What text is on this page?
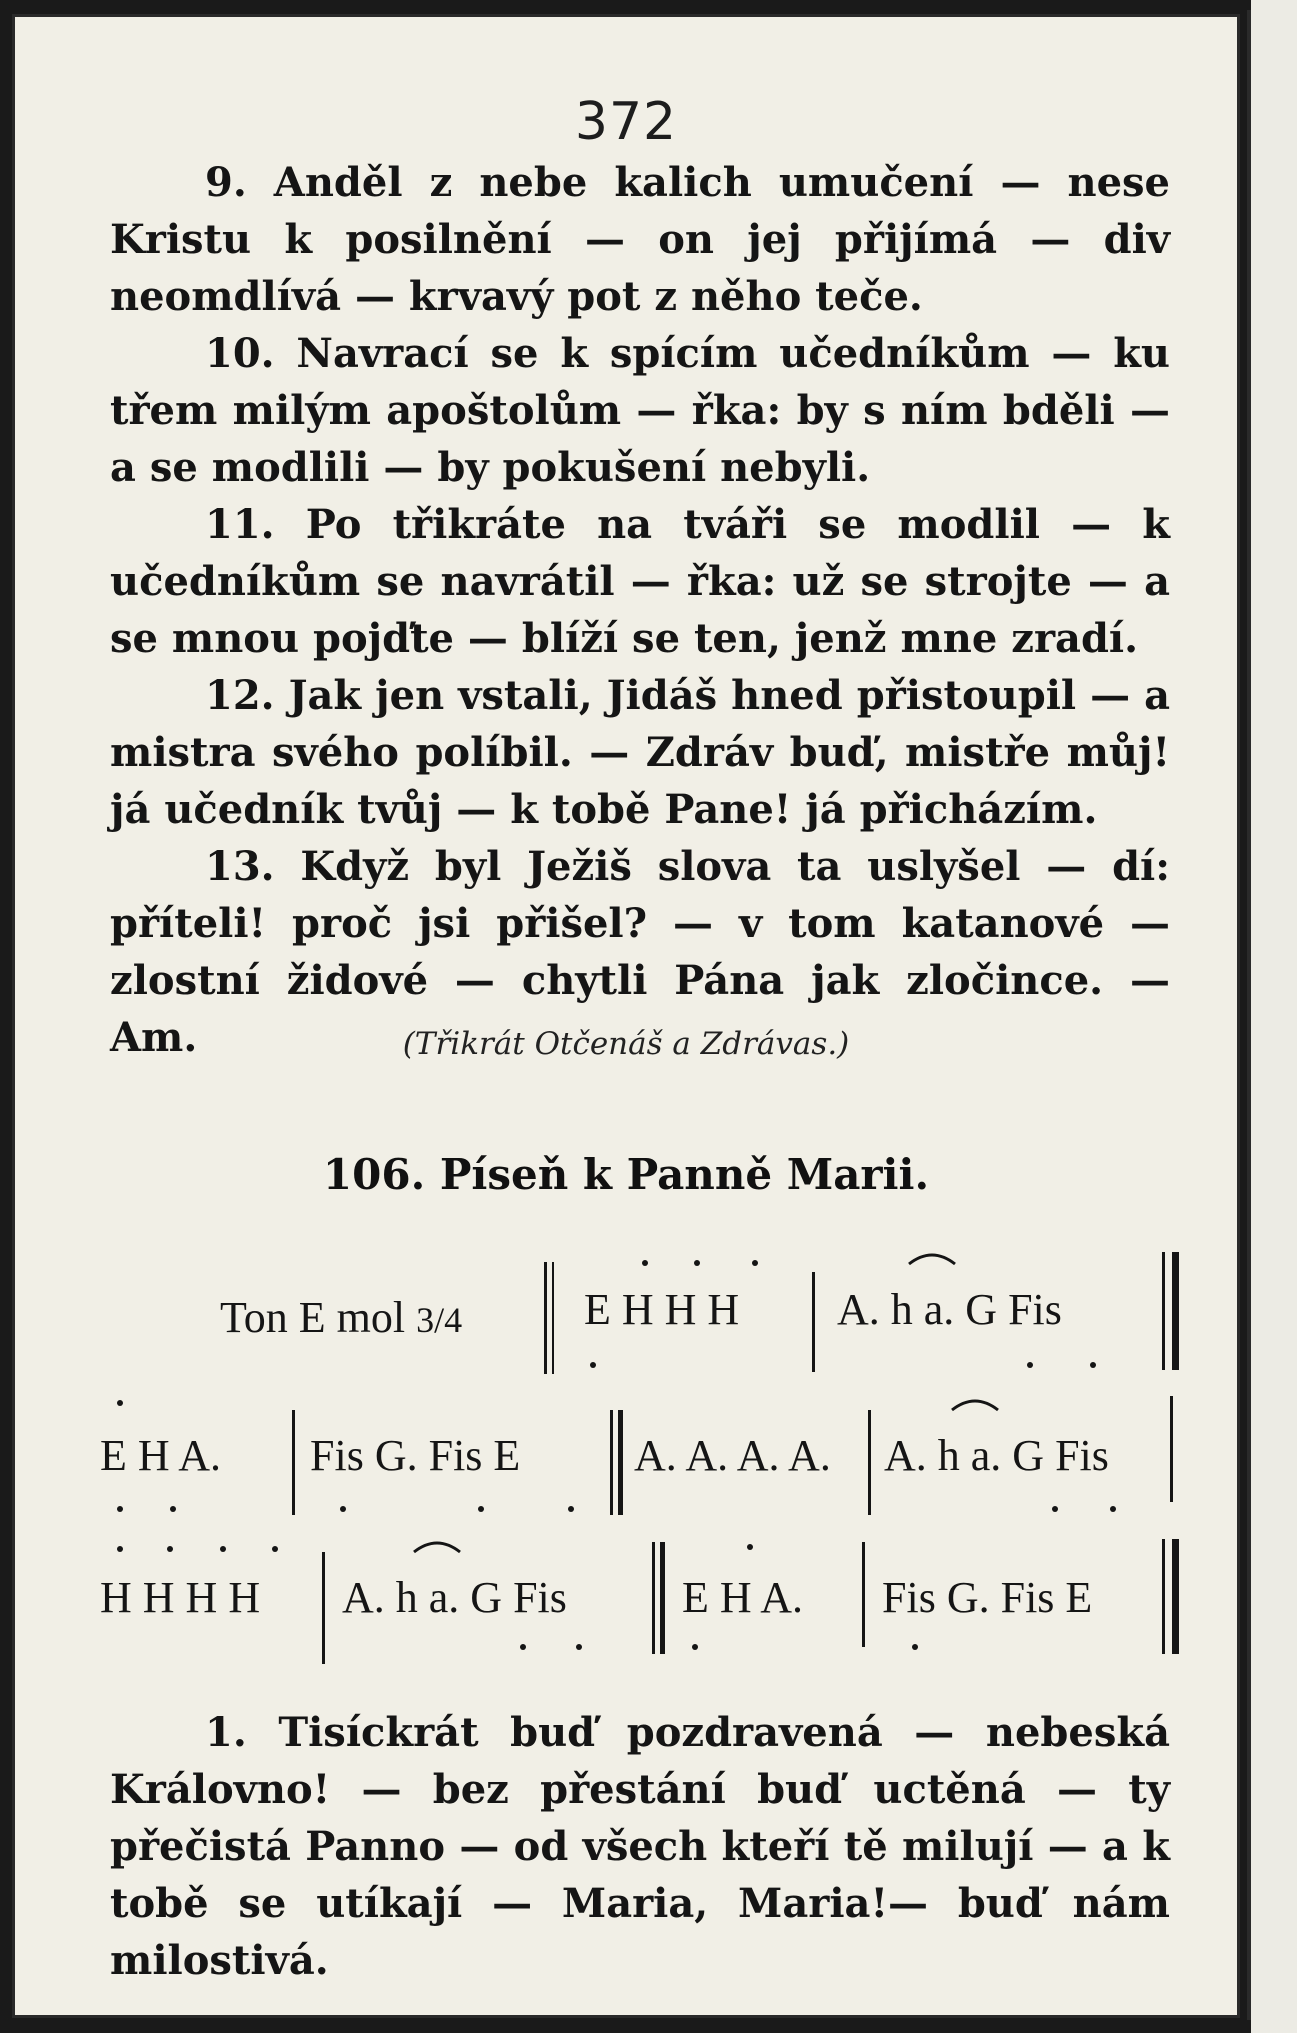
372

9. Anděl z nebe kalich umučení — nese Kristu k posilnění — on jej přijímá — div neomdlívá — krvavý pot z něho teče.

10. Navrací se k spícím učedníkům — ku třem milým apoštolům — řka: by s ním bděli — a se modlili — by pokušení nebyli.

11. Po třikráte na tváři se modlil — k učedníkům se navrátil — řka: už se strojte — a se mnou pojďte — blíží se ten, jenž mne zradí.

12. Jak jen vstali, Jidáš hned přistoupil — a mistra svého políbil. — Zdráv buď, mistře můj! já učedník tvůj — k tobě Pane! já přicházím.

13. Když byl Ježiš slova ta uslyšel — dí: příteli! proč jsi přišel? — v tom katanové — zlostní židové — chytli Pána jak zločince. — Am.	(Třikrát Otčenáš a Zdrávas.)
106. Píseň k Panně Marii.
Ton E mol 3/4	E H H H A. h a. G Fis
E H A. Fis G. Fis E	A. A. A. A. A. h a. G Fis
H H H H A. h a. G Fis	E H A. Fis G. Fis E

1. Tisíckrát buď pozdravená — nebeská Královno! — bez přestání buď uctěná — ty přečistá Panno — od všech kteří tě milují — a k tobě se utíkají — Maria, Maria!— buď nám milostivá.
